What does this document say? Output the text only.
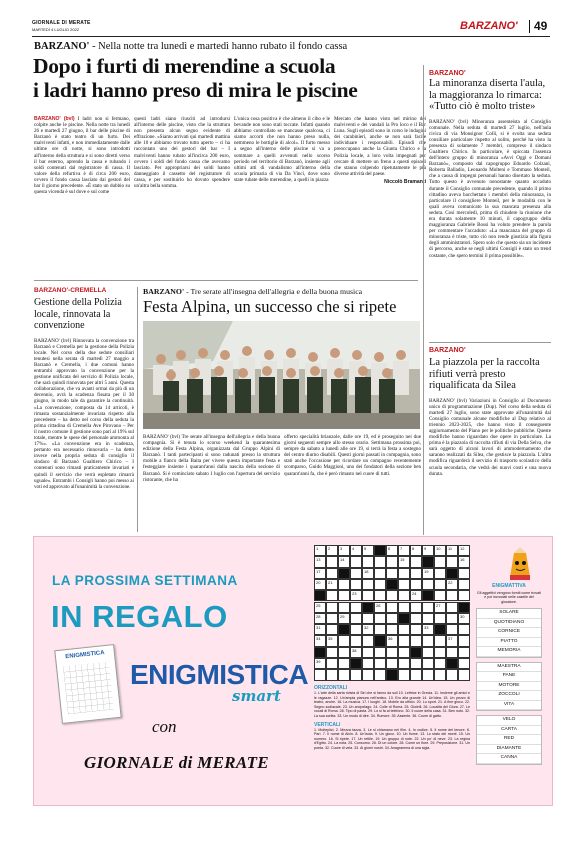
GIORNALE DI MERATE
MARTEDÌ 4 LUGLIO 2022	BARZANO' 49
BARZANO' - Nella notte tra lunedì e martedì hanno rubato il fondo cassa
Dopo i furti di merendine a scuola
i ladri hanno preso di mira le piscine

BARZANO' (bvl) I ladri non si fermano, colpite anche le piscine. Nella notte tra lunedì 26 e martedì 27 giugno, il bar delle piscine di Barzanò è stato teatro di un furto. Dei malviventi infatti, e non immediatamente dalle ultime ore di notte, si sono introdotti all'interno della struttura e si sono diretti verso il bar esterno, aprendo la cassa e rubando i soldi contenuti dal registratore di cassa. Il valore della refurtiva è di circa 200 euro, ovvero il fondo cassa lasciato dai gestori del bar il giorno precedente. «È stato un dubbio su questa vicenda è sul dove e sul come

questi ladri siano riusciti ad introdursi all'interno delle piscine, visto che la struttura non presenta alcun segno evidente di effrazione. «Siamo arrivati qui martedì mattina alle 10 e abbiamo trovato tutto aperto – ci ha raccontato uno dei gestori del bar – I malviventi hanno rubato all'incirca 200 euro, ovvero i soldi del fondo cassa che avevamo lasciato. Per appropriarsi dei soldi hanno danneggiato il cassetto del registratore di cassa, e per sostituirlo ho dovuto spendere un'altra bella somma.

L'unica cosa positiva è che almeno il cibo e le bevande non sono stati toccate. Infatti quando abbiamo controllato se mancasse qualcosa, ci siamo accorti che non hanno preso nulla, nemmeno le bottiglie di alcol». Il furto messo a segno all'interno delle piscine si va a sommare a quelli avvenuti nello scorso periodo nel territorio di Barzanò, insieme agli ultimi atti di vandalismo all'interno della scuola primaria di via Da Vinci, dove sono state rubate delle merendine, a quelli in piazza

Mercato che hanno visto nel mirino dei malviventi e dei vandali la Pro loco e il Bar Luna. Sugli episodi sono in corso le indagini dei carabinieri, anche se non sarà facile individuare i responsabili. Episodi che preoccupano anche la Giunta Chirico e la Polizia locale, a loro volta impegnati per cercare di mettere un freno a questi episodi che stanno colpendo ripetutamente le più diverse attività del paese.

Niccolò Bramanti

BARZANO'
La minoranza diserta l'aula, la maggioranza lo rimarca: «Tutto ciò è molto triste»

BARZANO' (bvl) Minoranza assenteista al Consiglio comunale. Nella seduta di martedì 27 luglio, nell'aula civica di via Monsignor Colli, si è svolta una seduta consiliare particolare rispetto al solito, perché ha visto la presenza di solamente 7 membri, compreso il sindaco Gualtiero Chirico. In particolare, è spiccata l'assenza dell'intero gruppo di minoranza «Avvi Oggi e Domani Barzanò», composto dal capogruppo Edoardo Colzani, Roberta Balladio, Leonardo Molteni e Tommaso Monteil, che a causa di impegni personali hanno disertato la seduta. Tutto questo è avvenuto nonostante quanto accaduto durante il Consiglio comunale precedente, quando il primo cittadino aveva bacchettato i membri della minoranza, in particolare il consigliere Monteil, per le modalità con le quali aveva comunicato la sua mancata presenza alla seduta. Così mercoledì, prima di chiudere la riunione che era durata solamente 10 minuti, il capogruppo della maggioranza Gabriele Bossi ha voluto prendere la parola per commentare l'accaduto: «La mancanza del gruppo di minoranza è triste, tutto ciò non rende giustizia alla figura degli amministratori. Spero solo che questo sia un incidente di percorso, anche se negli ultimi Consigli è stato un trend costante, che spero termini il prima possibile».

BARZANO'
La piazzola per la raccolta rifiuti verrà presto riqualificata da Silea

BARZANO' (bvl) Variazioni in Consiglio al Documento unico di programmazione (Dup). Nel corso della seduta di martedì 27 luglio, sono state approvate all'unanimità dal Consiglio comunale alcune modifiche al Dup relativo al triennio 2023-2025, che hanno visto il conseguente aggiornamento del Piano per le politiche pubbliche. Queste modifiche hanno riguardato due opere in particolare. La prima è la piazzola di raccolta rifiuti di via Della Selva, che sarà oggetto di alcuni lavori di ammodernamento che saranno realizzati da Silea, che gestisce la piazzola. L'altra modifica riguarderà il servizio di trasporto scolastico della scuola secondaria, che vedrà dei nuovi costi e una nuova durata.

BARZANO'-CREMELLA
Gestione della Polizia locale, rinnovata la convenzione

BARZANO' (bvl) Rinnovata la convenzione tra Barzanò e Cremella per la gestione della Polizia locale. Nel corso della due sedute consiliari tenutesi nella serata di martedì 27 maggio a Barzanò e Cremella, i due comuni hanno entrambi approvato la convenzione per la gestione unificata del servizio di Polizia locale, che sarà quindi rinnovata per altri 5 anni. Questa collaborazione, che va avanti ormai da più di un decennio, avrà la scadenza fissata per il 30 giugno, in modo tale da garantire la continuità. «La convenzione, composta da 14 articoli, è rimasta sostanzialmente invariata rispetto alla precedente – ha detto nel corso della seduta la prima cittadina di Cremella Ave Pirovano – Per il nostro comune il gestione sono pari al 19% sul totale, mentre le spese del personale ammonta al 17%». «La convenzione era in scadenza, pertanto era necessario rinnovarla – ha detto invece nella propria seduta di consiglio il sindaco di Barzanò Gualtiero Chirico – I contenuti sono rimasti praticamente invariati e quindi il servizio che verrà espletato rimarrà uguale». Entrambi i Consigli hanno poi messo ai voti ed approvato all'unanimità la convenzione.

BARZANO' - Tre serate all'insegna dell'allegria e della buona musica
Festa Alpina, un successo che si ripete

BARZANO' (bvl) Tre serate all'insegna dell'allegria e della buona compagnia. Si è tenuta lo scorso weekend la quarantesima edizione della Festa Alpina, organizzata dal Gruppo Alpini di Barzanò. I tanti partecipanti si sono radunati presso la struttura mobile a fianco della Baita per vivere questa importante festa e festeggiare insieme i quarant'anni dalla nascita della sezione di Barzanò. Si è cominciato sabato 1 luglio con l'apertura del servizio ristorante, che ha

offerto specialità brianzole, dalle ore 19, ed è proseguito nei due giorni seguenti sempre allo stesso orario. Settimana prossima poi, sempre da sabato a lunedì alle ore 19, si terrà la festa a sostegno del centro diurno disabili. Questi giorni passati in compagnia, sono stati anche l'occasione per ricordare un compagno recentemente scomparso, Guido Maggioni, uno dei fondatori della sezione ben quarant'anni fa, che è però rimasto nel cuore di tutti.

LA PROSSIMA SETTIMANA
IN REGALO
ENIGMISTICA
ENIGMISTICA
smart
con
GIORNALE di MERATE
1 2 3 4 5	6 7 8 9 10 11 12
13	14	15	16
17	18	19
20 21	22
23	24
25	26	27
28	29	30
31	32	33
34 35	36	37
38
39
ORIZZONTALI
1. L'arte della sarta rivista di Siri che si fanno da soli 10. Lettrice in Grecia. 11. Insieme gli amici e le ragazze. 12. Un'ampia pianura nell'antico. 13. Ero alla grande 14. Un'idea. 15. Un pezzo di teatro, anche. 16. La musica. 17. I luoghi. 18. Mobile da ufficio. 20. Lo sport. 21. A fine gioco. 22. Segno zodiacale. 23. Un arcipelago. 24. Colle di Roma. 25. Gioielli. 26. Località del Giura. 27. Le vocali di Roma. 28. Tipo di pasta. 29. Lo si fa al telefono. 30. Il cuore della casa. 31. Ben noto. 32. La sua scritta. 33. Un modo di dire. 34. Rumore. 35. Assente. 36. Cuore di gatto.
VERTICALI
1. Molteplici. 2. Mezza tazza. 3. Le si chiamano nei film. 4. In codice. 5. Il nome del tenore. 6. Pari. 7. Il nome di Alvin. 8. Un'isola. 9. Un gioco. 10. Un fiume. 13. Lo stato dei monti. 15. Un numero. 16. Si ripete. 17. Un rettile. 19. Un gruppo di note. 22. Un po' di neve. 23. La regina d'Egitto. 24. La nota. 25. Consumo. 26. Di un colore. 28. Come un fiore. 29. Preposizione. 31. Un poeta. 32. Cuore di vela. 33. Ai giorni nostri. 34. Anagramma di una sigla.
ENIGMATTIVA
Gli aggettivi vengono forniti come trovati e poi incrociati nelle caselle del giocatore.
SOLARE
QUOTIDIANO
CORNICE
PIATTO
MEMORIA
MAESTRA
PANE
MOTORE
ZOCCOLI
VITA
VELO
CARTA
RED
DIAMANTE
CANNA
